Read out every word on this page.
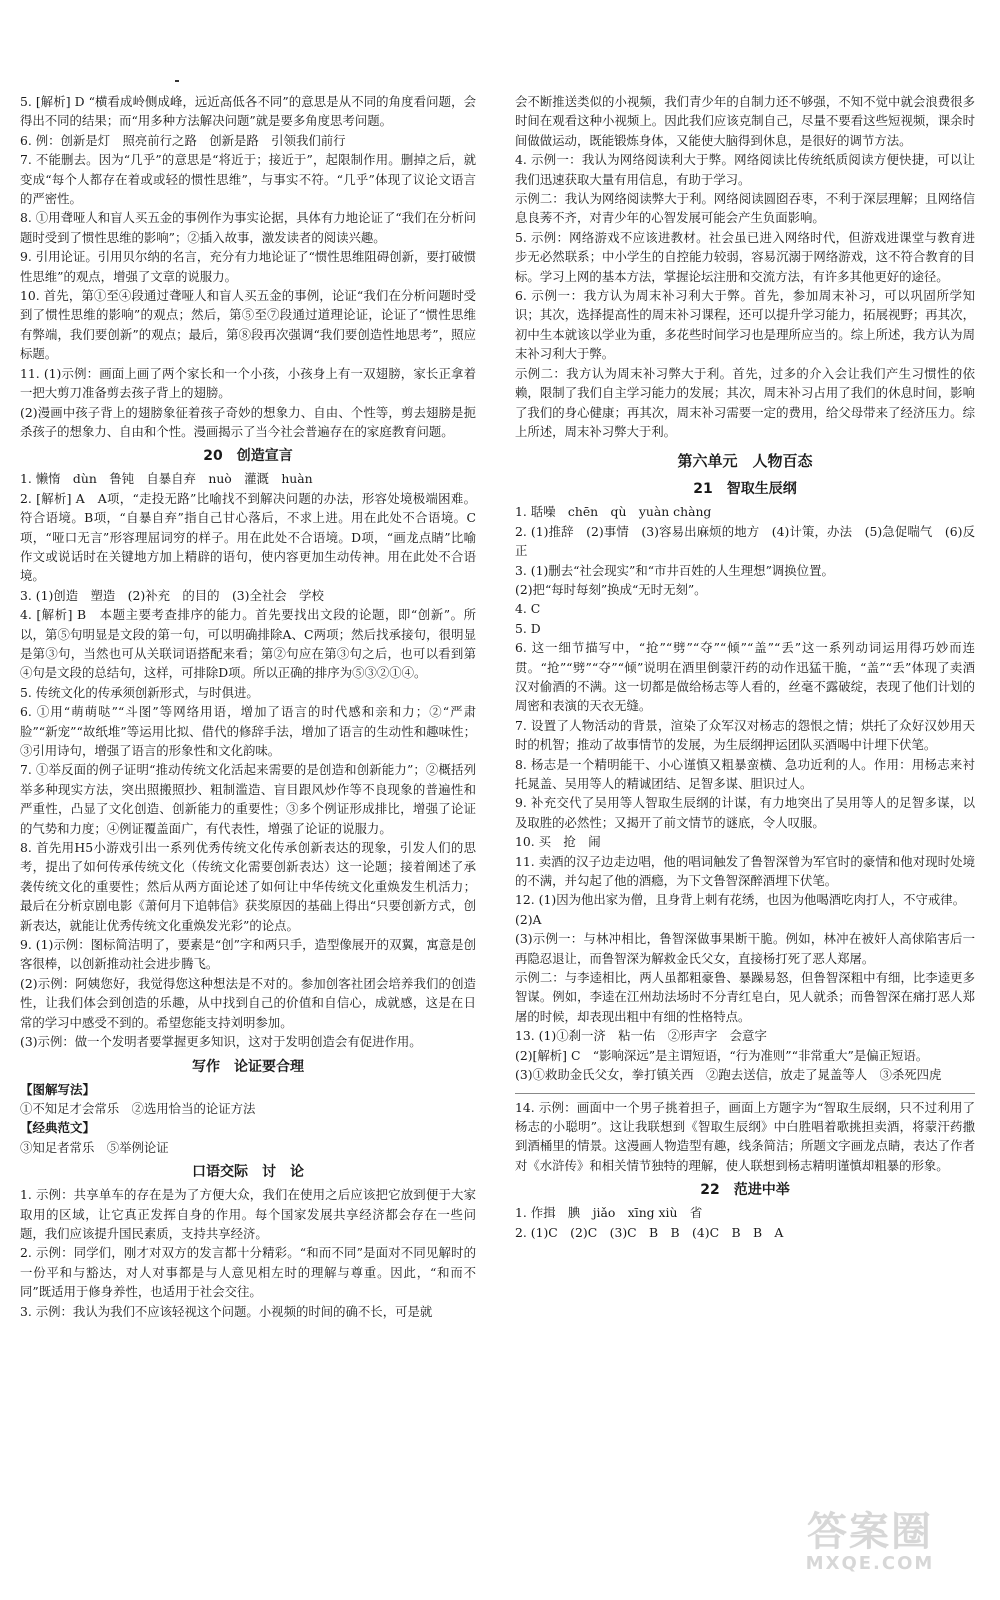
5. [解析] D “横看成岭侧成峰，远近高低各不同”的意思是从不同的角度看问题，会得出不同的结果；而“用多种方法解决问题”就是要多角度思考问题。

6. 例：创新是灯　照亮前行之路　创新是路　引领我们前行

7. 不能删去。因为“几乎”的意思是“将近于；接近于”，起限制作用。删掉之后，就变成“每个人都存在着或或轻的惯性思维”，与事实不符。“几乎”体现了议论文语言的严密性。

8. ①用聋哑人和盲人买五金的事例作为事实论据，具体有力地论证了“我们在分析问题时受到了惯性思维的影响”；②插入故事，激发读者的阅读兴趣。

9. 引用论证。引用贝尔纳的名言，充分有力地论证了“惯性思维阻碍创新，要打破惯性思维”的观点，增强了文章的说服力。

10. 首先，第①至④段通过聋哑人和盲人买五金的事例，论证“我们在分析问题时受到了惯性思维的影响”的观点；然后，第⑤至⑦段通过道理论证，论证了“惯性思维有弊端，我们要创新”的观点；最后，第⑧段再次强调“我们要创造性地思考”，照应标题。

11. (1)示例：画面上画了两个家长和一个小孩，小孩身上有一双翅膀，家长正拿着一把大剪刀准备剪去孩子背上的翅膀。

(2)漫画中孩子背上的翅膀象征着孩子奇妙的想象力、自由、个性等，剪去翅膀是扼杀孩子的想象力、自由和个性。漫画揭示了当今社会普遍存在的家庭教育问题。

20　创造宣言

1. 懒惰　dùn　鲁钝　自暴自弃　nuò　灌溉　huàn

2. [解析] A　A项，“走投无路”比喻找不到解决问题的办法，形容处境极端困难。符合语境。B项，“自暴自弃”指自己甘心落后，不求上进。用在此处不合语境。C项，“哑口无言”形容理屈词穷的样子。用在此处不合语境。D项，“画龙点睛”比喻作文或说话时在关键地方加上精辟的语句，使内容更加生动传神。用在此处不合语境。

3. (1)创造　塑造　(2)补充　的目的　(3)全社会　学校

4. [解析] B　本题主要考查排序的能力。首先要找出文段的论题，即“创新”。所以，第⑤句明显是文段的第一句，可以明确排除A、C两项；然后找承接句，很明显是第③句，当然也可从关联词语搭配来看；第②句应在第③句之后，也可以看到第④句是文段的总结句，这样，可排除D项。所以正确的排序为⑤③②①④。

5. 传统文化的传承须创新形式，与时俱进。

6. ①用“萌萌哒”“斗图”等网络用语，增加了语言的时代感和亲和力；②“严肃脸”“新宠”“故纸堆”等运用比拟、借代的修辞手法，增加了语言的生动性和趣味性；③引用诗句，增强了语言的形象性和文化韵味。

7. ①举反面的例子证明“推动传统文化活起来需要的是创造和创新能力”；②概括列举多种现实方法，突出照搬照抄、粗制滥造、盲目跟风炒作等不良现象的普遍性和严重性，凸显了文化创造、创新能力的重要性；③多个例证形成排比，增强了论证的气势和力度；④例证覆盖面广，有代表性，增强了论证的说服力。

8. 首先用H5小游戏引出一系列优秀传统文化传承创新表达的现象，引发人们的思考，提出了如何传承传统文化（传统文化需要创新表达）这一论题；接着阐述了承袭传统文化的重要性；然后从两方面论述了如何让中华传统文化重焕发生机活力；最后在分析京剧电影《萧何月下追韩信》获奖原因的基础上得出“只要创新方式，创新表达，就能让优秀传统文化重焕发光彩”的论点。

9. (1)示例：图标简洁明了，要素是“创”字和两只手，造型像展开的双翼，寓意是创客很棒，以创新推动社会进步腾飞。

(2)示例：阿姨您好，我觉得您这种想法是不对的。参加创客社团会培养我们的创造性，让我们体会到创造的乐趣，从中找到自己的价值和自信心，成就感，这是在日常的学习中感受不到的。希望您能支持刘明参加。

(3)示例：做一个发明者要掌握更多知识，这对于发明创造会有促进作用。

写作　论证要合理

【图解写法】

①不知足才会常乐　②选用恰当的论证方法

【经典范文】

③知足者常乐　⑤举例论证

口语交际　讨　论

1. 示例：共享单车的存在是为了方便大众，我们在使用之后应该把它放到便于大家取用的区域，让它真正发挥自身的作用。每个国家发展共享经济都会存在一些问题，我们应该提升国民素质，支持共享经济。

2. 示例：同学们，刚才对双方的发言都十分精彩。“和而不同”是面对不同见解时的一份平和与豁达，对人对事都是与人意见相左时的理解与尊重。因此，“和而不同”既适用于修身养性，也适用于社会交往。

3. 示例：我认为我们不应该轻视这个问题。小视频的时间的确不长，可是就

会不断推送类似的小视频，我们青少年的自制力还不够强，不知不觉中就会浪费很多时间在观看这种小视频上。因此我们应该克制自己，尽量不要看这些短视频，课余时间做做运动，既能锻炼身体，又能使大脑得到休息，是很好的调节方法。

4. 示例一：我认为网络阅读利大于弊。网络阅读比传统纸质阅读方便快捷，可以让我们迅速获取大量有用信息，有助于学习。

示例二：我认为网络阅读弊大于利。网络阅读圆囵吞枣，不利于深层理解；且网络信息良莠不齐，对青少年的心智发展可能会产生负面影响。

5. 示例：网络游戏不应该进教材。社会虽已进入网络时代，但游戏进课堂与教育进步无必然联系；中小学生的自控能力较弱，容易沉溺于网络游戏，这不符合教育的目标。学习上网的基本方法，掌握论坛注册和交流方法，有许多其他更好的途径。

6. 示例一：我方认为周末补习利大于弊。首先，参加周末补习，可以巩固所学知识；其次，选择提高性的周末补习课程，还可以提升学习能力，拓展视野；再其次，初中生本就该以学业为重，多花些时间学习也是理所应当的。综上所述，我方认为周末补习利大于弊。

示例二：我方认为周末补习弊大于利。首先，过多的介入会让我们产生习惯性的依赖，限制了我们自主学习能力的发展；其次，周末补习占用了我们的休息时间，影响了我们的身心健康；再其次，周末补习需要一定的费用，给父母带来了经济压力。综上所述，周末补习弊大于利。

第六单元　人物百态
21　智取生辰纲

1. 聒噪　chēn　qù　yuàn chàng

2. (1)推辞　(2)事情　(3)容易出麻烦的地方　(4)计策，办法　(5)急促喘气　(6)反正

3. (1)删去“社会现实”和“市井百姓的人生理想”调换位置。

(2)把“每时每刻”换成“无时无刻”。

4. C

5. D

6. 这一细节描写中，“抢”“劈”“夺”“倾”“盖”“丢”这一系列动词运用得巧妙而连贯。“抢”“劈”“夺”“倾”说明在酒里倒蒙汗药的动作迅猛干脆，“盖”“丢”体现了卖酒汉对偷酒的不满。这一切都是做给杨志等人看的，丝毫不露破绽，表现了他们计划的周密和表演的天衣无缝。

7. 设置了人物活动的背景，渲染了众军汉对杨志的怨恨之情；烘托了众好汉妙用天时的机智；推动了故事情节的发展，为生辰纲押运团队买酒喝中计埋下伏笔。

8. 杨志是一个精明能干、小心谨慎又粗暴蛮横、急功近利的人。作用：用杨志来衬托晁盖、吴用等人的精诚团结、足智多谋、胆识过人。

9. 补充交代了吴用等人智取生辰纲的计谋，有力地突出了吴用等人的足智多谋，以及取胜的必然性；又揭开了前文情节的谜底，令人叹服。

10. 买　抢　闹

11. 卖酒的汉子边走边唱，他的唱词触发了鲁智深曾为军官时的豪情和他对现时处境的不满，并勾起了他的酒瘾，为下文鲁智深醉酒埋下伏笔。

12. (1)因为他出家为僧，且身背上刺有花绣，也因为他喝酒吃肉打人，不守戒律。

(2)A

(3)示例一：与林冲相比，鲁智深做事果断干脆。例如，林冲在被奸人高俅陷害后一再隐忍退让，而鲁智深为解救金氏父女，直接杨打死了恶人郑屠。

示例二：与李逵相比，两人虽都粗豪鲁、暴躁易怒，但鲁智深粗中有细，比李逵更多智谋。例如，李逵在江州劫法场时不分青红皂白，见人就杀；而鲁智深在痛打恶人郑屠的时候，却表现出粗中有细的性格特点。

13. (1)①刹一济　粘一佑　②形声字　会意字

(2)[解析] C　“影响深远”是主谓短语，“行为准则”“非常重大”是偏正短语。

(3)①救助金氏父女，拳打镇关西　②跑去送信，放走了晁盖等人　③杀死四虎

14. 示例：画面中一个男子挑着担子，画面上方题字为“智取生辰纲，只不过利用了杨志的小聪明”。这让我联想到《智取生辰纲》中白胜唱着歌挑担卖酒，将蒙汗药撒到酒桶里的情景。这漫画人物造型有趣，线条简洁；所题文字画龙点睛，表达了作者对《水浒传》和相关情节独特的理解，使人联想到杨志精明谨慎却粗暴的形象。

22　范进中举

1. 作揖　腆　jiǎo　xīng xiù　省

2. (1)C　(2)C　(3)C　B　B　(4)C　B　B　A

答案圈
MXQE.COM
